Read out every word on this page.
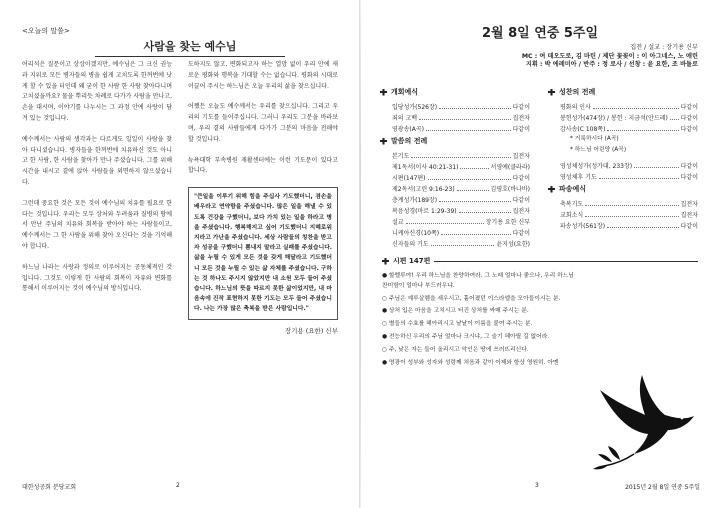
<오늘의 말씀>
사람을 찾는 예수님

어리석은 질문이고 상상이겠지만, 예수님은 그 크신 권능과 지위로 모든 병자들의 병을 쉽게 고치도록 한꺼번에 낫게 할 수 있을 터인데 왜 굳이 한 사람 한 사람 찾아다니며 고치셨을까요? 물을 뿌리듯 차례로 다가가 사람을 만나고, 손을 대시며, 이야기를 나누시는 그 과정 안에 사랑이 담겨 있는 것입니다.

예수께서는 사람의 생각과는 다르게도 일일이 사람을 찾아 다니셨습니다. 병자들을 한꺼번에 치유하신 것도 아니고 한 사람, 한 사람을 찾아가 만나 주셨습니다. 그를 위해 시간을 내시고 곁에 앉아 사람들을 외면하지 않으셨습니다.

그런데 중요한 것은 모든 것이 예수님의 치유를 필요로 한다는 것입니다. 우리는 모두 상처와 두려움과 질병의 땅에서 만난 주님의 치유와 회복을 받아야 하는 사람들이고, 예수께서는 그 한 사람을 위해 찾아 오신다는 것을 기억해야 합니다.

하느님 나라는 사랑과 정의로 이루어지는 공동체적인 것입니다. 그것도 이렇게 한 사람의 회복이 자유와 변화를 통해서 이루어지는 것이 예수님의 방식입니다.

도하지도 않고, 변화되고자 하는 열망 없이 우리 안에 새로운 평화와 행복을 기대할 수는 없습니다. 평화의 시대로 이끌어 주시는 하느님은 오늘 우리의 삶을 찾으십니다.

어쨌든 오늘도 예수께서는 우리를 찾으십니다. 그리고 우리의 기도를 들어주십니다. 그러니 우리도 그분을 바라보며, 우리 곁의 사람들에게 다가가 그분의 마음을 전해야 할 것입니다.

뉴욕대학 부속병원 재활센터에는 이런 기도문이 있다고 합니다.

"큰일을 이루기 위해 힘을 주십사 기도했더니, 겸손을 배우라고 연약함을 주셨습니다. 많은 일을 해낼 수 있도록 건강을 구했더니, 보다 가치 있는 일을 하라고 병을 주셨습니다. 행복해지고 싶어 기도했더니 지혜로워지라고 가난을 주셨습니다. 세상 사람들의 칭찬을 받고자 성공을 구했더니 뽐내지 말라고 실패를 주셨습니다. 삶을 누릴 수 있게 모든 것을 갖게 해달라고 기도했더니 모든 것을 누릴 수 있는 삶 자체를 주셨습니다. 구하는 것 하나도 주시지 않았지만 내 소원 모두 들어 주셨습니다. 하느님의 뜻을 따르지 못한 삶이었지만, 내 마음속에 진작 표현하지 못한 기도는 모두 들어 주셨습니다. 나는 가장 많은 축복을 받은 사람입니다."
장기용 (요한) 신부
대한성공회 분당교회	2
2월 8일 연중 5주일
집전 / 설교 : 장기용 신부
MC : 여 데오도로, 김 마틴 / 제단 꽃꽂이 : 이 아그네스, 노 애린
지휘 : 박 에레미아 / 반주 : 정 로사 / 선창 : 윤 요한, 조 바돌로
개회예식
입당성가(526장)	다같이
죄의 고백	집전자
영광송(A곡)	다같이
말씀의 전례
본기도	집전자
제1독서(이사 40:21-31)	서영예(클라라)
시편(147편)	다같이
제2독서(고린 9:16-23)	김평호(바나바)
층계성가(189장)	다같이
복음성경(마르 1:29-39)	집전자
설교	장기용 요한 신부
니케아신경(10쪽)	다같이
신자들의 기도	윤지성(요한)
성찬의 전례
평화의 인사	다같이
봉헌성가(474장) / 봉헌 : 지금석(안드레) 다같이
감사송(C 108쪽)	다같이
* 거룩하시다 (A곡)
* 하느님 어린양 (A곡)
영성체성가(성가대, 233장)	다같이
영성체후 기도	다같이
파송예식
축복기도	집전자
교회소식	집전자
파송성가(561장)	다같이
시편 147편
● 할렐루야! 우리 하느님을 찬양하여라. 그 노래 얼마나 좋으나, 우리 하느님 찬미함이 얼마나 부드러우냐.
○ 주님은 예루살렘을 세우시고, 흩어졌던 이스라엘을 모아들이시는 분.
● 상처 입은 마음을 고치시고 터진 상처를 싸매 주시는 분.
○ 별들의 수효를 헤아리시고 낱낱이 이름을 붙여 주시는 분.
● 전능하신 우리의 주님 얼마나 크시냐, 그 슬기 헤아릴 길 없어라.
○ 주, 낮은 자는 들어 올리시고 악인은 땅에 쓰러뜨리신다.
● 영광이 성부와 성자와 성령께 처음과 같이 이제와 항상 영원히. 아멘
3	2015년 2월 8일 연중 5주일
